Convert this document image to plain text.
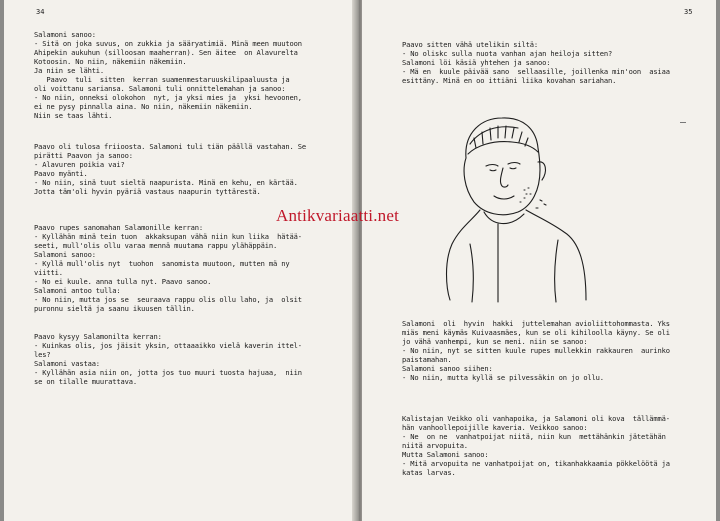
34
Salamoni sanoo:
- Sitä on joka suvus, on zukkia ja sääryatimiä. Minä meen muutoon
Ahipekin aukuhun (silloosan maaherran). Sen äitee  on Alavurelta
Kotoosin. No niin, näkemiin näkemiin.
Ja niin se lähti.
Paavo  tuli  sitten  kerran suamenmestaruuskilipaaluusta ja
oli voittanu sariansa. Salamoni tuli onnittelemahan ja sanoo:
- No niin, onneksi olokohon  nyt, ja yksi mies ja  yksi hevoonen,
ei ne pysy pinnalla aina. No niin, näkemiin näkemiin.
Niin se taas lähti.
Paavo oli tulosa friioosta. Salamoni tuli tiän päällä vastahan. Se
pirätti Paavon ja sanoo:
- Alavuren poikia vai?
Paavo myänti.
- No niin, sinä tuut sieltä naapurista. Minä en kehu, en kärtää.
Jotta täm'oli hyvin pyäriä vastaus naapurin tyttärestä.
Paavo rupes sanomahan Salamonille kerran:
- Kyllähän minä tein tuon  akkaksupan vähä niin kun liika  hätää-
seeti, mull'olis ollu varaa mennä muutama rappu ylähäppäin.
Salamoni sanoo:
- Kyllä mull'olis nyt  tuohon  sanomista muutoon, mutten mä ny
viitti.
- No ei kuule. anna tulla nyt. Paavo sanoo.
Salamoni antoo tulla:
- No niin, mutta jos se  seuraava rappu olis ollu laho, ja  olsit
puronnu sieltä ja saanu ikuusen tällin.
Paavo kysyy Salamonilta kerran:
- Kuinkas olis, jos jäisit yksin, ottaaaikko vielä kaverin ittel-
les?
Salamoni vastaa:
- Kyllähän asia niin on, jotta jos tuo muuri tuosta hajuaa,  niin
se on tilalle muurattava.
35
Paavo sitten vähä utelikin siltä:
- No oliskc sulla nuota vanhan ajan heiloja sitten?
Salamoni löi käsiä yhtehen ja sanoo:
- Mä en  kuule päivää sano  sellaasille, joillenka min'oon  asiaa
esittäny. Minä en oo ittiäni liika kovahan sariahan.
Salamoni  oli  hyvin  hakki  juttelemahan avioliittohommasta. Yks
miäs meni käymäs Kuivaasmäes, kun se oli kihiloolla käyny. Se oli
jo vähä vanhempi, kun se meni. niin se sanoo:
- No niin, nyt se sitten kuule rupes mullekkin rakkauren  aurinko
paistamahan.
Salamoni sanoo siihen:
- No niin, mutta kyllä se pilvessäkin on jo ollu.
Kalistajan Veikko oli vanhapoika, ja Salamoni oli kova  tällämmä-
hän vanhoollepoijille kaveria. Veikkoo sanoo:
- Ne  on ne  vanhatpoijat niitä, niin kun  mettähänkin jätetähän
niitä arvopuita.
Mutta Salamoni sanoo:
- Mitä arvopuita ne vanhatpoijat on, tikanhakkaamia pökkelöötä ja
katas larvas.
Antikvariaatti.net
